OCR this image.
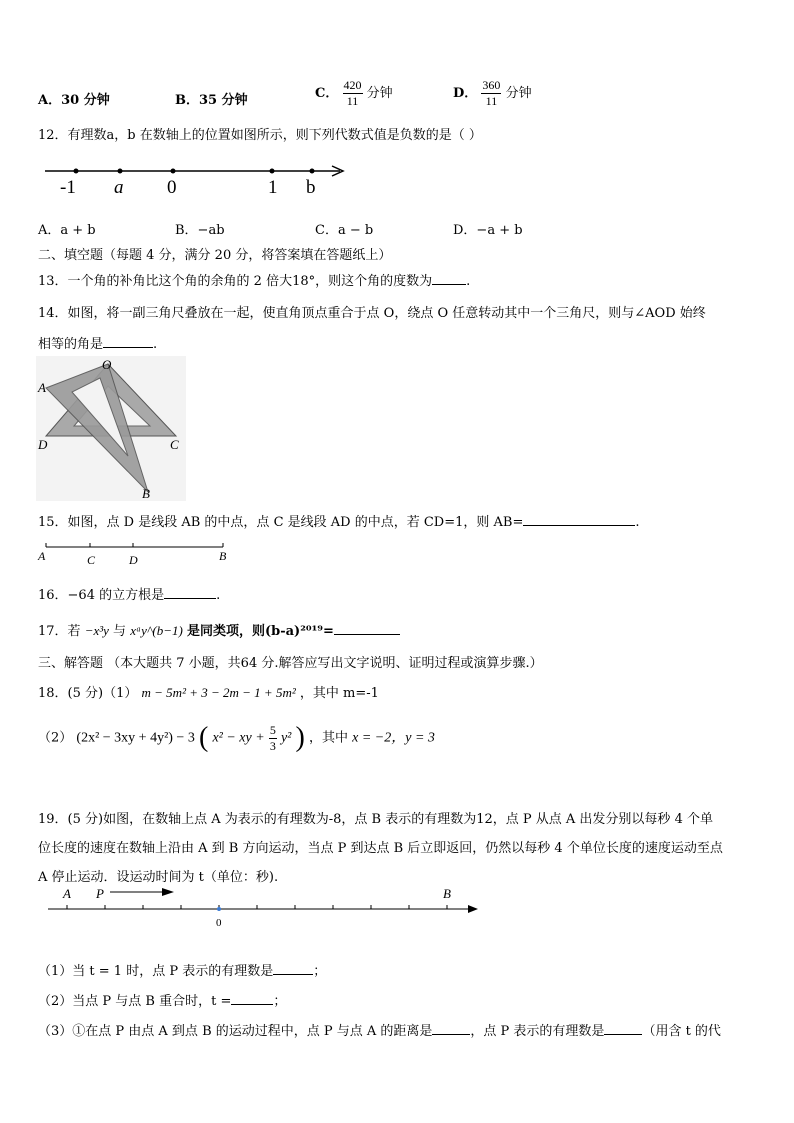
A．30 分钟	B．35 分钟	C． $\frac{420}{11}$ 分钟	D． $\frac{360}{11}$ 分钟
12．有理数a，b 在数轴上的位置如图所示，则下列代数式值是负数的是（ ）
-1 a 0	1 b
A．a + b	B．−ab	C．a − b	D．−a + b
二、填空题（每题 4 分，满分 20 分，将答案填在答题纸上）
13．一个角的补角比这个角的余角的 2 倍大18°，则这个角的度数为	.
14．如图，将一副三角尺叠放在一起，使直角顶点重合于点 O，绕点 O 任意转动其中一个三角尺，则与∠AOD 始终
相等的角是	.
O
A
D	C
B
15．如图，点 D 是线段 AB 的中点，点 C 是线段 AD 的中点，若 CD=1，则 AB=	.
A	C	D	B
16．−64 的立方根是	.
17．若 −x³y 与 xᵃy^(b−1) 是同类项，则(b-a)²⁰¹⁹=
三、解答题 （本大题共 7 小题，共64 分.解答应写出文字说明、证明过程或演算步骤.）
18．(5 分)（1） m − 5m² + 3 − 2m − 1 + 5m² ，其中 m=-1
（2） (2x² − 3xy + 4y²) − 3 ( x² − xy + $\frac{5}{3} y^2$ ) ，其中 x = −2，y = 3
19．(5 分)如图，在数轴上点 A 为表示的有理数为-8，点 B 表示的有理数为12，点 P 从点 A 出发分别以每秒 4 个单
位长度的速度在数轴上沿由 A 到 B 方向运动，当点 P 到达点 B 后立即返回，仍然以每秒 4 个单位长度的速度运动至点
A 停止运动．设运动时间为 t（单位：秒).
A P	B
0
（1）当 t = 1 时，点 P 表示的有理数是	；
（2）当点 P 与点 B 重合时，t =	；
（3）①在点 P 由点 A 到点 B 的运动过程中，点 P 与点 A 的距离是	，点 P 表示的有理数是	（用含 t 的代
